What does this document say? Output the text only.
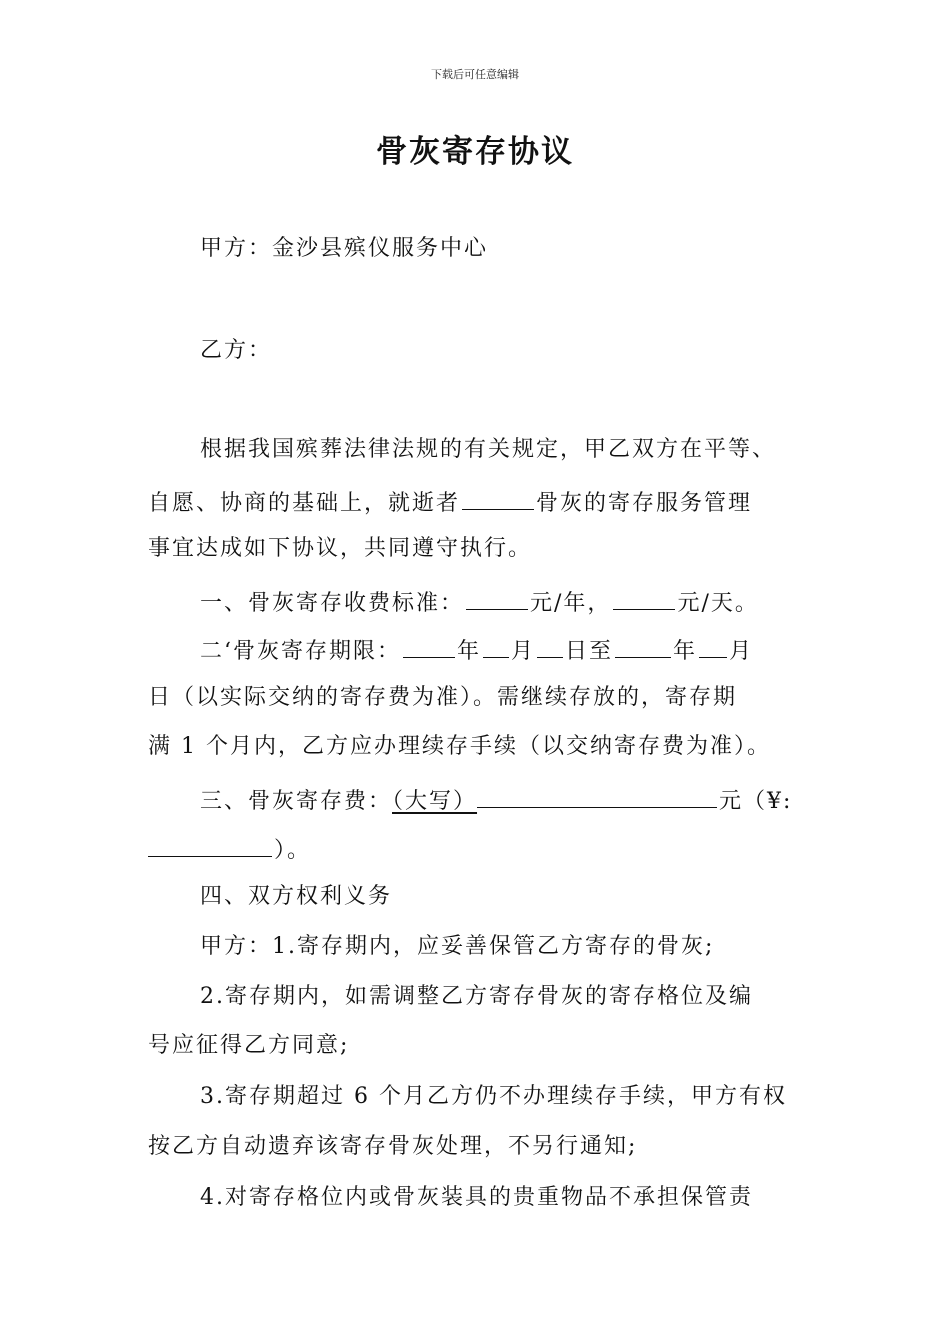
下载后可任意编辑
骨灰寄存协议
甲方：金沙县殡仪服务中心
乙方：
根据我国殡葬法律法规的有关规定，甲乙双方在平等、
自愿、协商的基础上，就逝者	骨灰的寄存服务管理
事宜达成如下协议，共同遵守执行。
一、骨灰寄存收费标准：	元/年，	元/天。
二‘骨灰寄存期限：	年 月 日至	年 月
日（以实际交纳的寄存费为准）。需继续存放的，寄存期
满 1 个月内，乙方应办理续存手续（以交纳寄存费为准）。
三、骨灰寄存费：（大写）	元（¥:
）。
四、双方权利义务
甲方：1.寄存期内，应妥善保管乙方寄存的骨灰;
2.寄存期内，如需调整乙方寄存骨灰的寄存格位及编
号应征得乙方同意;
3.寄存期超过 6 个月乙方仍不办理续存手续，甲方有权
按乙方自动遗弃该寄存骨灰处理，不另行通知;
4.对寄存格位内或骨灰装具的贵重物品不承担保管责
